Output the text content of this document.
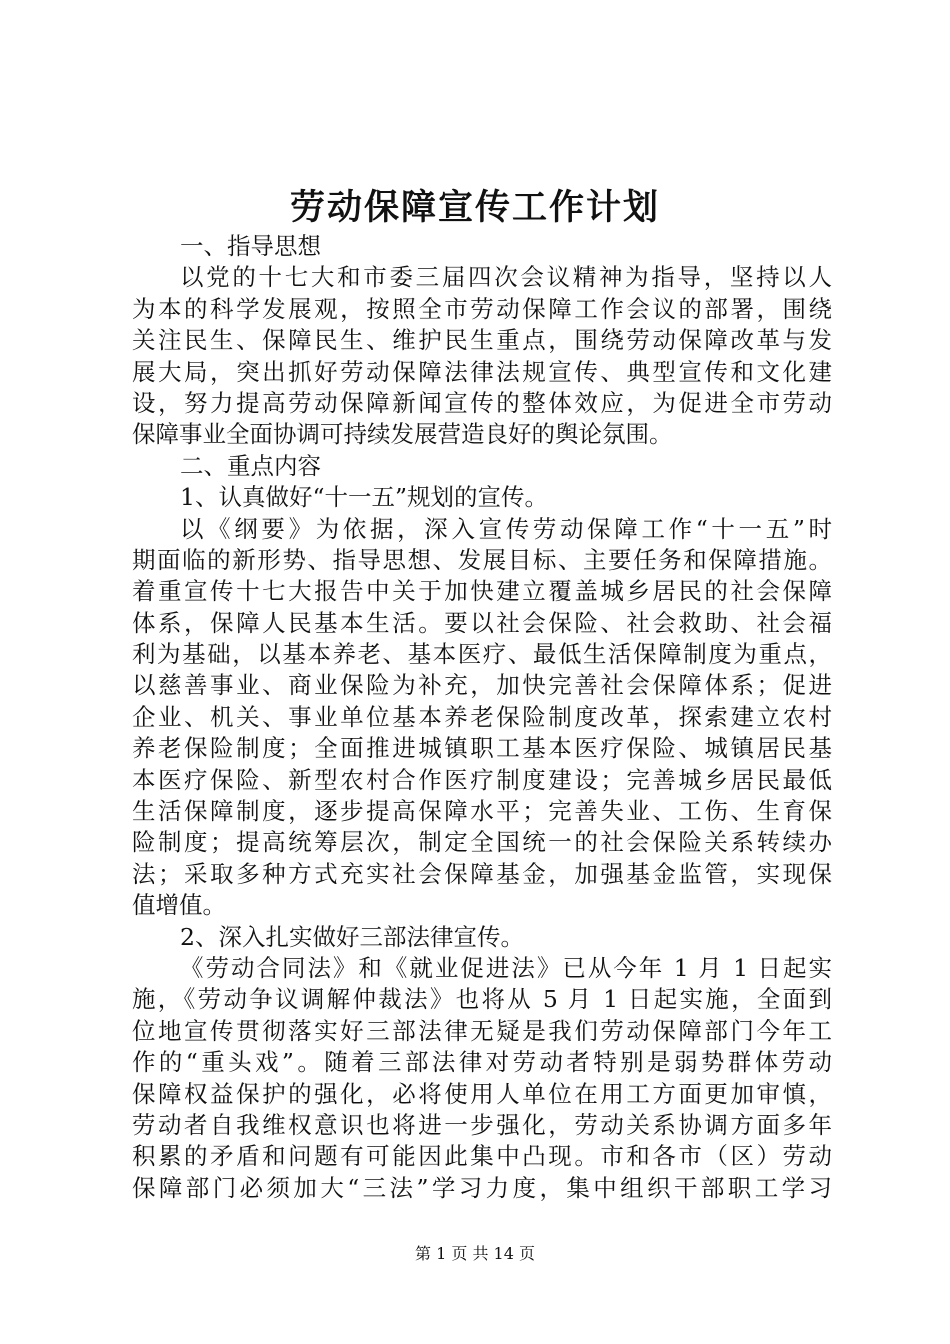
劳动保障宣传工作计划
一、指导思想
以党的十七大和市委三届四次会议精神为指导，坚持以人
为本的科学发展观，按照全市劳动保障工作会议的部署，围绕
关注民生、保障民生、维护民生重点，围绕劳动保障改革与发
展大局，突出抓好劳动保障法律法规宣传、典型宣传和文化建
设，努力提高劳动保障新闻宣传的整体效应，为促进全市劳动
保障事业全面协调可持续发展营造良好的舆论氛围。
二、重点内容
1、认真做好“十一五”规划的宣传。
以《纲要》为依据，深入宣传劳动保障工作“十一五”时
期面临的新形势、指导思想、发展目标、主要任务和保障措施。
着重宣传十七大报告中关于加快建立覆盖城乡居民的社会保障
体系，保障人民基本生活。要以社会保险、社会救助、社会福
利为基础，以基本养老、基本医疗、最低生活保障制度为重点，
以慈善事业、商业保险为补充，加快完善社会保障体系；促进
企业、机关、事业单位基本养老保险制度改革，探索建立农村
养老保险制度；全面推进城镇职工基本医疗保险、城镇居民基
本医疗保险、新型农村合作医疗制度建设；完善城乡居民最低
生活保障制度，逐步提高保障水平；完善失业、工伤、生育保
险制度；提高统筹层次，制定全国统一的社会保险关系转续办
法；采取多种方式充实社会保障基金，加强基金监管，实现保
值增值。
2、深入扎实做好三部法律宣传。
《劳动合同法》和《就业促进法》已从今年 1 月 1 日起实
施，《劳动争议调解仲裁法》也将从 5 月 1 日起实施，全面到
位地宣传贯彻落实好三部法律无疑是我们劳动保障部门今年工
作的“重头戏”。随着三部法律对劳动者特别是弱势群体劳动
保障权益保护的强化，必将使用人单位在用工方面更加审慎，
劳动者自我维权意识也将进一步强化，劳动关系协调方面多年
积累的矛盾和问题有可能因此集中凸现。市和各市（区）劳动
保障部门必须加大“三法”学习力度，集中组织干部职工学习
第 1 页 共 14 页
